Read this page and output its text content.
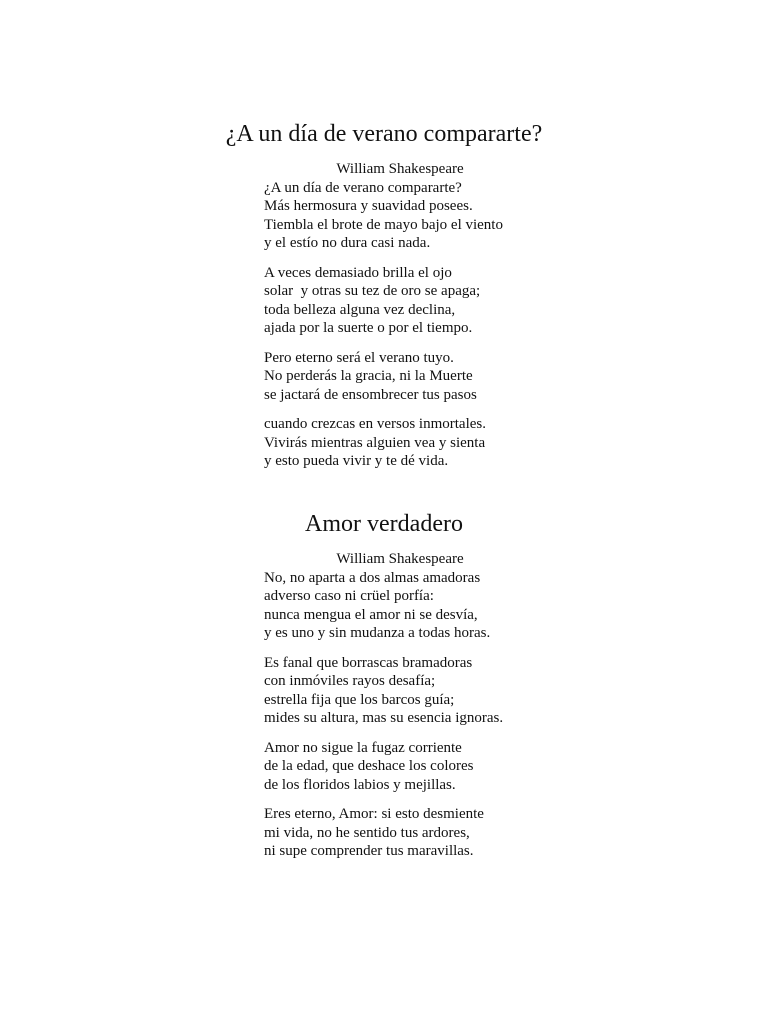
¿A un día de verano compararte?

William Shakespeare

¿A un día de verano compararte?
Más hermosura y suavidad posees.
Tiembla el brote de mayo bajo el viento
y el estío no dura casi nada.
A veces demasiado brilla el ojo
solar  y otras su tez de oro se apaga;
toda belleza alguna vez declina,
ajada por la suerte o por el tiempo.
Pero eterno será el verano tuyo.
No perderás la gracia, ni la Muerte
se jactará de ensombrecer tus pasos
cuando crezcas en versos inmortales.
Vivirás mientras alguien vea y sienta
y esto pueda vivir y te dé vida.
Amor verdadero

William Shakespeare

No, no aparta a dos almas amadoras
adverso caso ni crüel porfía:
nunca mengua el amor ni se desvía,
y es uno y sin mudanza a todas horas.
Es fanal que borrascas bramadoras
con inmóviles rayos desafía;
estrella fija que los barcos guía;
mides su altura, mas su esencia ignoras.
Amor no sigue la fugaz corriente
de la edad, que deshace los colores
de los floridos labios y mejillas.
Eres eterno, Amor: si esto desmiente
mi vida, no he sentido tus ardores,
ni supe comprender tus maravillas.
